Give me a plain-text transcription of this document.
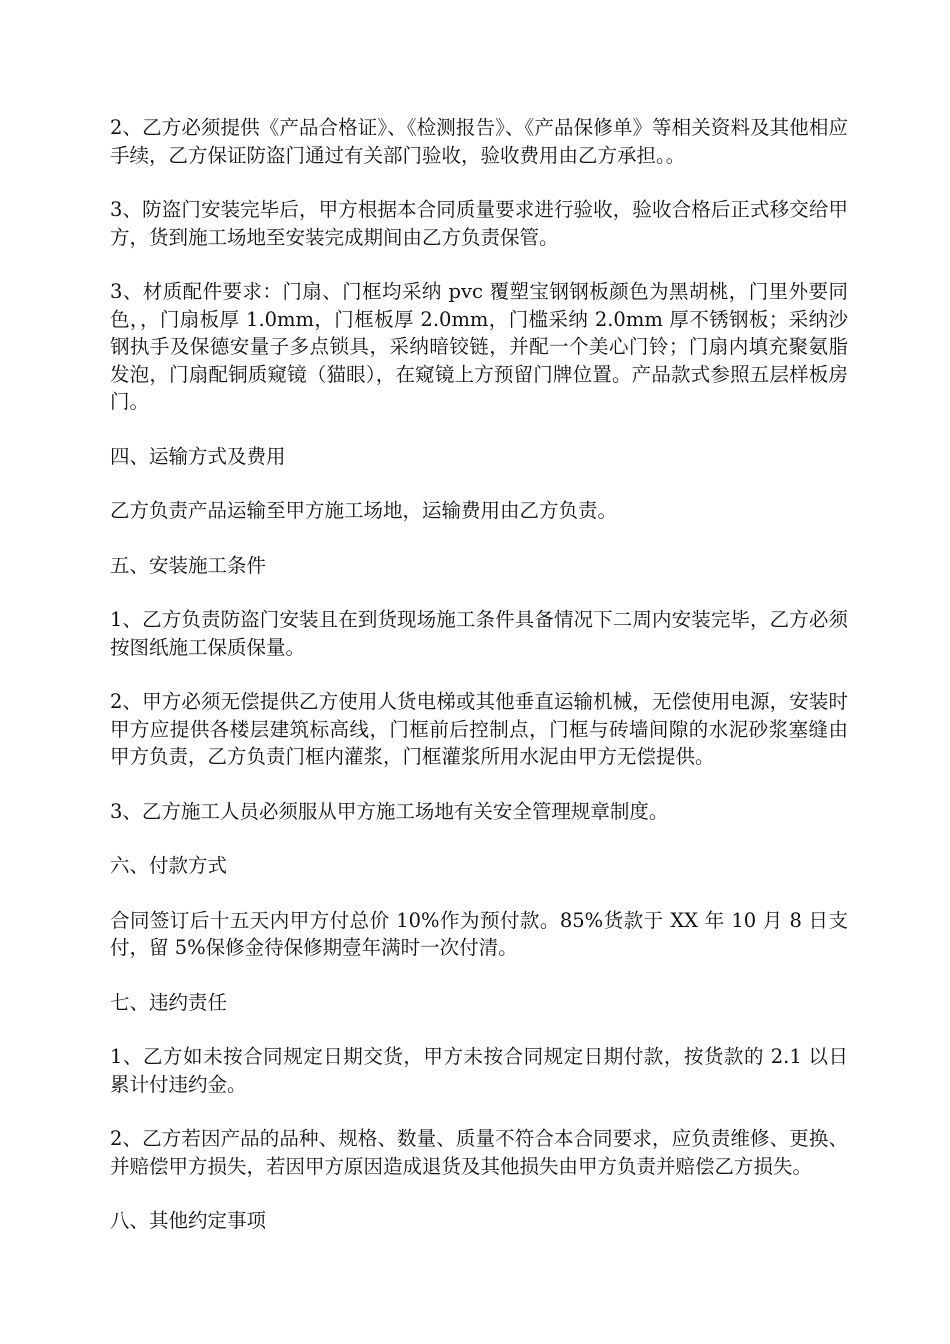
2、乙方必须提供《产品合格证》、《检测报告》、《产品保修单》等相关资料及其他相应手续，乙方保证防盗门通过有关部门验收，验收费用由乙方承担。。

3、防盗门安装完毕后，甲方根据本合同质量要求进行验收，验收合格后正式移交给甲方，货到施工场地至安装完成期间由乙方负责保管。

3、材质配件要求：门扇、门框均采纳 pvc 覆塑宝钢钢板颜色为黑胡桃，门里外要同色，，门扇板厚 1.0mm，门框板厚 2.0mm，门槛采纳 2.0mm 厚不锈钢板；采纳沙钢执手及保德安量子多点锁具，采纳暗铰链，并配一个美心门铃；门扇内填充聚氨脂发泡，门扇配铜质窥镜（猫眼），在窥镜上方预留门牌位置。产品款式参照五层样板房门。

四、运输方式及费用

乙方负责产品运输至甲方施工场地，运输费用由乙方负责。

五、安装施工条件

1、乙方负责防盗门安装且在到货现场施工条件具备情况下二周内安装完毕，乙方必须按图纸施工保质保量。

2、甲方必须无偿提供乙方使用人货电梯或其他垂直运输机械，无偿使用电源，安装时甲方应提供各楼层建筑标高线，门框前后控制点，门框与砖墙间隙的水泥砂浆塞缝由甲方负责，乙方负责门框内灌浆，门框灌浆所用水泥由甲方无偿提供。

3、乙方施工人员必须服从甲方施工场地有关安全管理规章制度。

六、付款方式

合同签订后十五天内甲方付总价 10%作为预付款。85%货款于 XX 年 10 月 8 日支付，留 5%保修金待保修期壹年满时一次付清。

七、违约责任

1、乙方如未按合同规定日期交货，甲方未按合同规定日期付款，按货款的 2.1 以日累计付违约金。

2、乙方若因产品的品种、规格、数量、质量不符合本合同要求，应负责维修、更换、并赔偿甲方损失，若因甲方原因造成退货及其他损失由甲方负责并赔偿乙方损失。

八、其他约定事项
